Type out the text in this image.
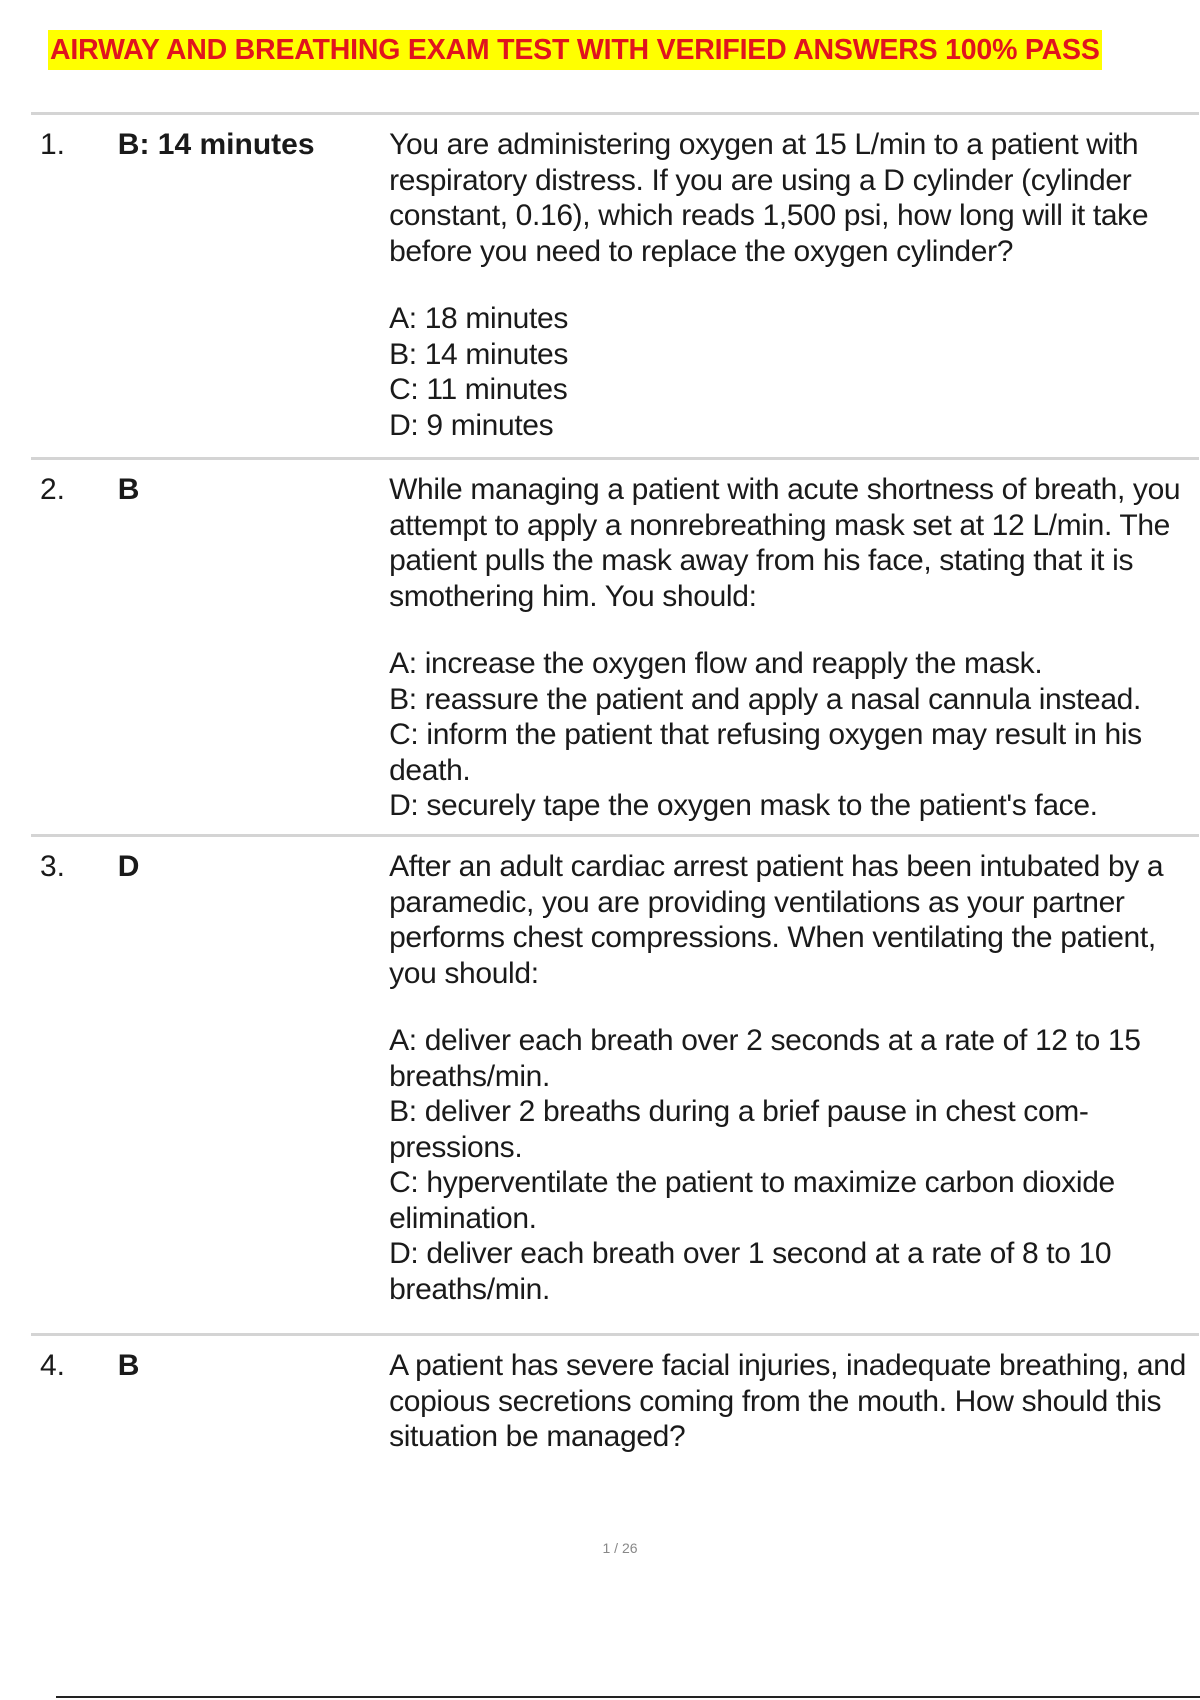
AIRWAY AND BREATHING EXAM TEST WITH VERIFIED ANSWERS 100% PASS
1.	B: 14 minutes	You are administering oxygen at 15 L/min to a patient with respiratory distress. If you are using a D cylinder (cylinder constant, 0.16), which reads 1,500 psi, how long will it take before you need to replace the oxygen cylinder?

A: 18 minutes
B: 14 minutes
C: 11 minutes
D: 9 minutes
2.	B	While managing a patient with acute shortness of breath, you attempt to apply a nonrebreathing mask set at 12 L/min. The patient pulls the mask away from his face, stating that it is smothering him. You should:

A: increase the oxygen flow and reapply the mask.
B: reassure the patient and apply a nasal cannula instead.
C: inform the patient that refusing oxygen may result in his death.
D: securely tape the oxygen mask to the patient's face.
3.	D	After an adult cardiac arrest patient has been intubated by a paramedic, you are providing ventilations as your partner performs chest compressions. When ventilating the patient, you should:

A: deliver each breath over 2 seconds at a rate of 12 to 15 breaths/min.
B: deliver 2 breaths during a brief pause in chest com-pressions.
C: hyperventilate the patient to maximize carbon dioxide elimination.
D: deliver each breath over 1 second at a rate of 8 to 10 breaths/min.
4.	B	A patient has severe facial injuries, inadequate breathing, and copious secretions coming from the mouth. How should this situation be managed?

1 / 26
